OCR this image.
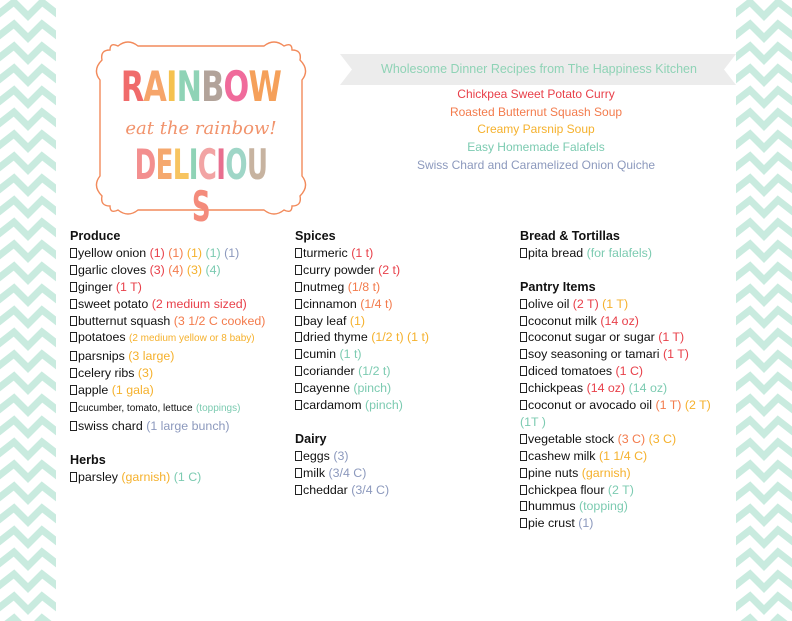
RAINBOW
eat the rainbow!
DELICIOUS
Wholesome Dinner Recipes from The Happiness Kitchen
Chickpea Sweet Potato Curry
Roasted Butternut Squash Soup
Creamy Parsnip Soup
Easy Homemade Falafels
Swiss Chard and Caramelized Onion Quiche
Produce
yellow onion (1) (1) (1) (1) (1)
garlic cloves (3) (4) (3) (4)
ginger (1 T)
sweet potato (2 medium sized)
butternut squash (3 1/2 C cooked)
potatoes (2 medium yellow or 8 baby)
parsnips (3 large)
celery ribs (3)
apple (1 gala)
cucumber, tomato, lettuce (toppings)
swiss chard (1 large bunch)
Herbs
parsley (garnish) (1 C)
Spices
turmeric (1 t)
curry powder (2 t)
nutmeg (1/8 t)
cinnamon (1/4 t)
bay leaf (1)
dried thyme (1/2 t) (1 t)
cumin (1 t)
coriander (1/2 t)
cayenne (pinch)
cardamom (pinch)
Dairy
eggs (3)
milk (3/4 C)
cheddar (3/4 C)
Bread & Tortillas
pita bread (for falafels)
Pantry Items
olive oil (2 T) (1 T)
coconut milk (14 oz)
coconut sugar or sugar (1 T)
soy seasoning or tamari (1 T)
diced tomatoes (1 C)
chickpeas (14 oz) (14 oz)
coconut or avocado oil (1 T) (2 T)
(1T )
vegetable stock (3 C) (3 C)
cashew milk (1 1/4 C)
pine nuts (garnish)
chickpea flour (2 T)
hummus (topping)
pie crust (1)
